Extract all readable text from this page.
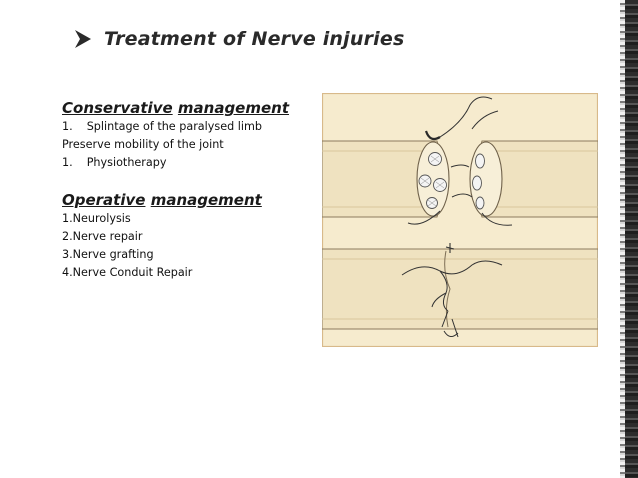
Treatment of Nerve injuries
Conservative management
1. Splintage of the paralysed limb
Preserve mobility of the joint
1. Physiotherapy
Operative management
1.Neurolysis
2.Nerve repair
3.Nerve grafting
4.Nerve Conduit Repair
